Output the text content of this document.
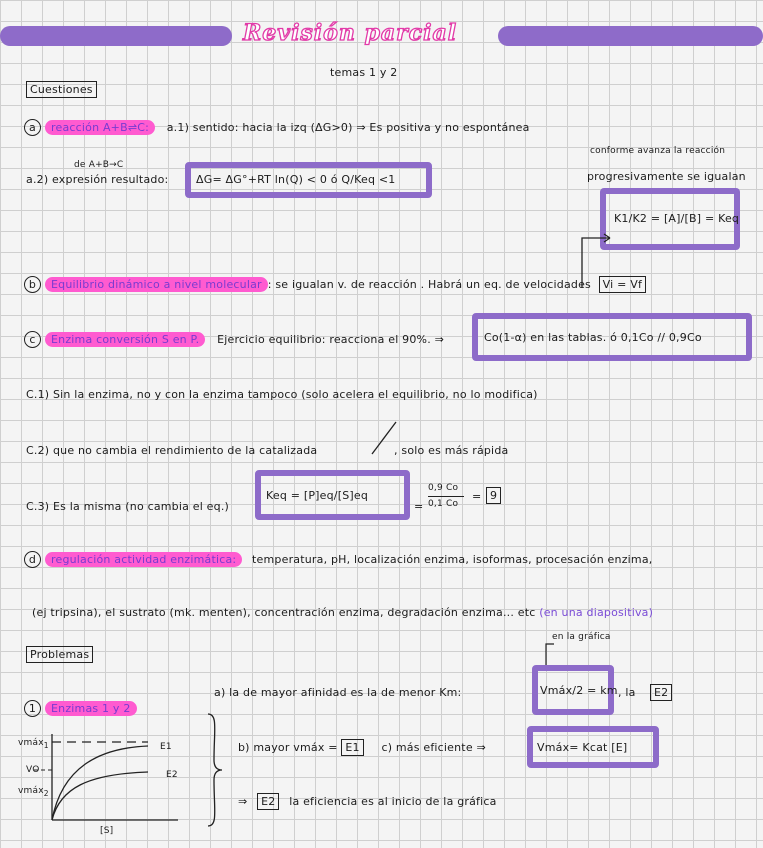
Revisión parcial
temas 1 y 2
Cuestiones
a reacción A+B⇌C: a.1) sentido: hacia la izq (ΔG>0) ⇒ Es positiva y no espontánea
de A+B→C
a.2) expresión resultado:	ΔG= ΔG°+RT ln(Q) < 0 ó Q/Keq <1
conforme avanza la reacción
progresivamente se igualan
K1/K2 = [A]/[B] = Keq
b Equilibrio dinámico a nivel molecular : se igualan v. de reacción . Habrá un eq. de velocidades Vi = Vf
c Enzima conversión S en P. Ejercicio equilibrio: reacciona el 90%. ⇒	Co(1-α) en las tablas. ó 0,1Co // 0,9Co
C.1) Sin la enzima, no y con la enzima tampoco (solo acelera el equilibrio, no lo modifica)
C.2) que no cambia el rendimiento de la catalizada	, solo es más rápida
C.3) Es la misma (no cambia el eq.)
Keq = [P]eq/[S]eq
=
0,9 Co
0,1 Co
= 9
d regulación actividad enzimática: temperatura, pH, localización enzima, isoformas, procesación enzima,
(ej tripsina), el sustrato (mk. menten), concentración enzima, degradación enzima... etc (en una diapositiva)
Problemas
1 Enzimas 1 y 2
vmáx$_1$
VO
vmáx$_2$
[S]
E1
E2
en la gráfica
a) la de mayor afinidad es la de menor Km:	Vmáx/2 = km , la	E2
b) mayor vmáx = E1 c) más eficiente ⇒	Vmáx= Kcat [E]
⇒ E2 la eficiencia es al inicio de la gráfica
